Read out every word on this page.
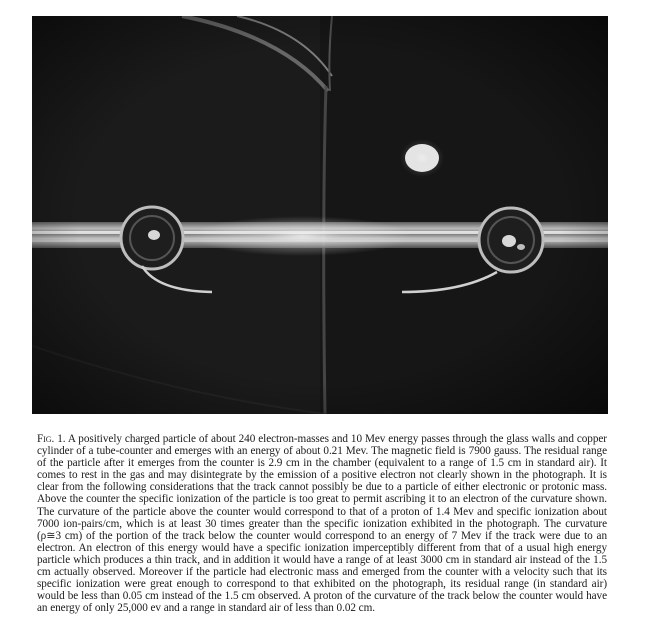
Fig. 1. A positively charged particle of about 240 electron-masses and 10 Mev energy passes through the glass walls and copper cylinder of a tube-counter and emerges with an energy of about 0.21 Mev. The magnetic field is 7900 gauss. The residual range of the particle after it emerges from the counter is 2.9 cm in the chamber (equivalent to a range of 1.5 cm in standard air). It comes to rest in the gas and may disintegrate by the emission of a positive electron not clearly shown in the photograph. It is clear from the following considerations that the track cannot possibly be due to a particle of either electronic or protonic mass. Above the counter the specific ionization of the particle is too great to permit ascribing it to an electron of the curvature shown. The curvature of the particle above the counter would correspond to that of a proton of 1.4 Mev and specific ionization about 7000 ion-pairs/cm, which is at least 30 times greater than the specific ionization exhibited in the photograph. The curvature (ρ≅3 cm) of the portion of the track below the counter would correspond to an energy of 7 Mev if the track were due to an electron. An electron of this energy would have a specific ionization imperceptibly different from that of a usual high energy particle which produces a thin track, and in addition it would have a range of at least 3000 cm in standard air instead of the 1.5 cm actually observed. Moreover if the particle had electronic mass and emerged from the counter with a velocity such that its specific ionization were great enough to correspond to that exhibited on the photograph, its residual range (in standard air) would be less than 0.05 cm instead of the 1.5 cm observed. A proton of the curvature of the track below the counter would have an energy of only 25,000 ev and a range in standard air of less than 0.02 cm.
